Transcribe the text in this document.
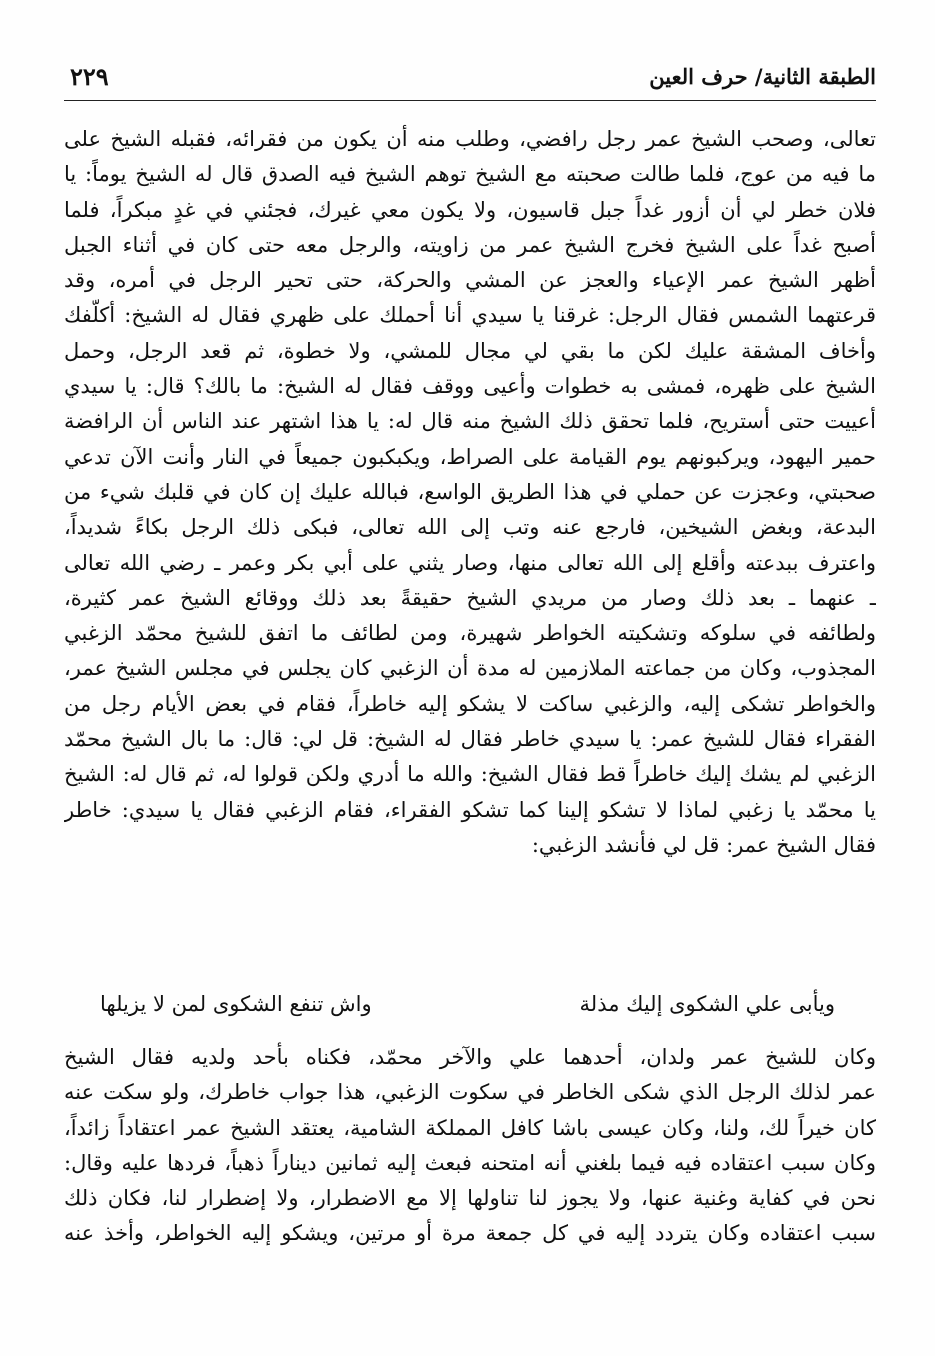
الطبقة الثانية/ حرف العين
٢٢٩
تعالى، وصحب الشيخ عمر رجل رافضي، وطلب منه أن يكون من فقرائه، فقبله الشيخ على
ما فيه من عوج، فلما طالت صحبته مع الشيخ توهم الشيخ فيه الصدق قال له الشيخ يوماً: يا
فلان خطر لي أن أزور غداً جبل قاسيون، ولا يكون معي غيرك، فجئني في غدٍ مبكراً، فلما
أصبح غداً على الشيخ فخرج الشيخ عمر من زاويته، والرجل معه حتى كان في أثناء الجبل
أظهر الشيخ عمر الإعياء والعجز عن المشي والحركة، حتى تحير الرجل في أمره، وقد
قرعتهما الشمس فقال الرجل: غرقنا يا سيدي أنا أحملك على ظهري فقال له الشيخ: أكلّفك
وأخاف المشقة عليك لكن ما بقي لي مجال للمشي، ولا خطوة، ثم قعد الرجل، وحمل
الشيخ على ظهره، فمشى به خطوات وأعيى ووقف فقال له الشيخ: ما بالك؟ قال: يا سيدي
أعييت حتى أستريح، فلما تحقق ذلك الشيخ منه قال له: يا هذا اشتهر عند الناس أن الرافضة
حمير اليهود، ويركبونهم يوم القيامة على الصراط، ويكبكبون جميعاً في النار وأنت الآن تدعي
صحبتي، وعجزت عن حملي في هذا الطريق الواسع، فبالله عليك إن كان في قلبك شيء من
البدعة، وبغض الشيخين، فارجع عنه وتب إلى الله تعالى، فبكى ذلك الرجل بكاءً شديداً،
واعترف ببدعته وأقلع إلى الله تعالى منها، وصار يثني على أبي بكر وعمر ـ رضي الله تعالى
ـ عنهما ـ بعد ذلك وصار من مريدي الشيخ حقيقةً بعد ذلك ووقائع الشيخ عمر كثيرة،
ولطائفه في سلوكه وتشكيته الخواطر شهيرة، ومن لطائف ما اتفق للشيخ محمّد الزغبي
المجذوب، وكان من جماعته الملازمين له مدة أن الزغبي كان يجلس في مجلس الشيخ عمر،
والخواطر تشكى إليه، والزغبي ساكت لا يشكو إليه خاطراً، فقام في بعض الأيام رجل من
الفقراء فقال للشيخ عمر: يا سيدي خاطر فقال له الشيخ: قل لي: قال: ما بال الشيخ محمّد
الزغبي لم يشك إليك خاطراً قط فقال الشيخ: والله ما أدري ولكن قولوا له، ثم قال له: الشيخ
يا محمّد يا زغبي لماذا لا تشكو إلينا كما تشكو الفقراء، فقام الزغبي فقال يا سيدي: خاطر
فقال الشيخ عمر: قل لي فأنشد الزغبي:
ويأبى علي الشكوى إليك مذلة
واش تنفع الشكوى لمن لا يزيلها
وكان للشيخ عمر ولدان، أحدهما علي والآخر محمّد، فكناه بأحد ولديه فقال الشيخ
عمر لذلك الرجل الذي شكى الخاطر في سكوت الزغبي، هذا جواب خاطرك، ولو سكت عنه
كان خيراً لك، ولنا، وكان عيسى باشا كافل المملكة الشامية، يعتقد الشيخ عمر اعتقاداً زائداً،
وكان سبب اعتقاده فيه فيما بلغني أنه امتحنه فبعث إليه ثمانين ديناراً ذهباً، فردها عليه وقال:
نحن في كفاية وغنية عنها، ولا يجوز لنا تناولها إلا مع الاضطرار، ولا إضطرار لنا، فكان ذلك
سبب اعتقاده وكان يتردد إليه في كل جمعة مرة أو مرتين، ويشكو إليه الخواطر، وأخذ عنه
